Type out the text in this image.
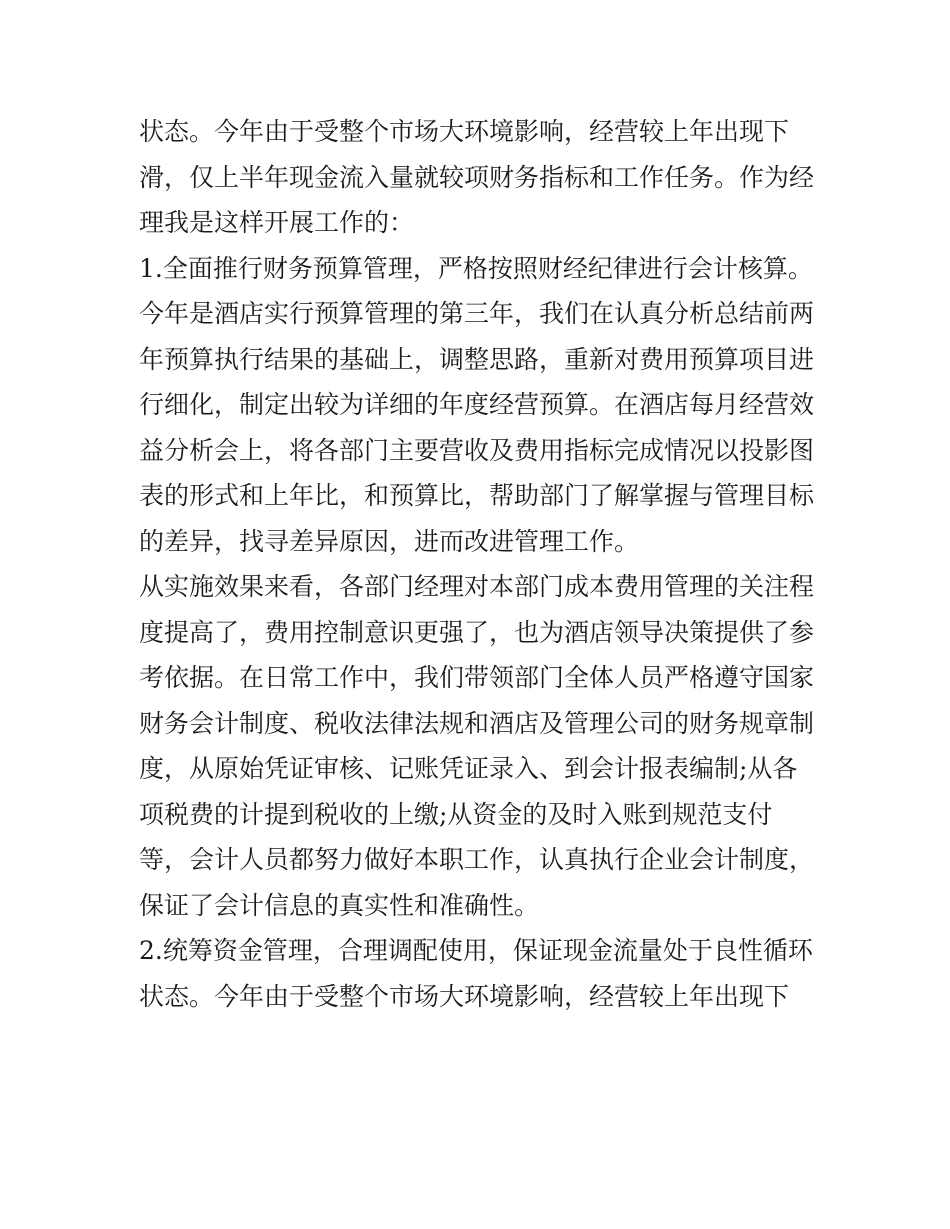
状态。今年由于受整个市场大环境影响，经营较上年出现下
滑，仅上半年现金流入量就较项财务指标和工作任务。作为经
理我是这样开展工作的：
1.全面推行财务预算管理，严格按照财经纪律进行会计核算。
今年是酒店实行预算管理的第三年，我们在认真分析总结前两
年预算执行结果的基础上，调整思路，重新对费用预算项目进
行细化，制定出较为详细的年度经营预算。在酒店每月经营效
益分析会上，将各部门主要营收及费用指标完成情况以投影图
表的形式和上年比，和预算比，帮助部门了解掌握与管理目标
的差异，找寻差异原因，进而改进管理工作。
从实施效果来看，各部门经理对本部门成本费用管理的关注程
度提高了，费用控制意识更强了，也为酒店领导决策提供了参
考依据。在日常工作中，我们带领部门全体人员严格遵守国家
财务会计制度、税收法律法规和酒店及管理公司的财务规章制
度，从原始凭证审核、记账凭证录入、到会计报表编制;从各
项税费的计提到税收的上缴;从资金的及时入账到规范支付
等，会计人员都努力做好本职工作，认真执行企业会计制度，
保证了会计信息的真实性和准确性。
2.统筹资金管理，合理调配使用，保证现金流量处于良性循环
状态。今年由于受整个市场大环境影响，经营较上年出现下
